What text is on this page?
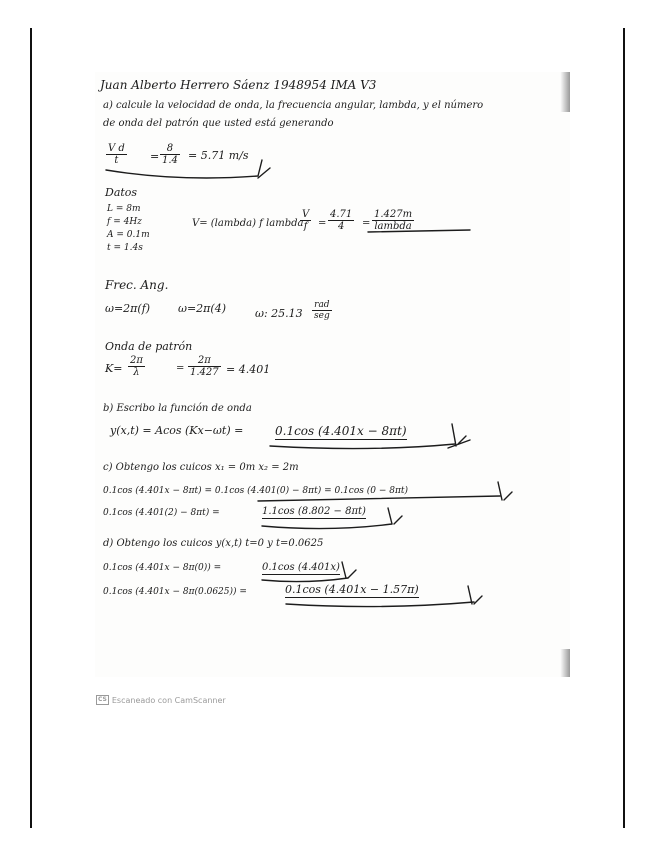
Juan Alberto Herrero Sáenz 1948954 IMA V3
a) calcule la velocidad de onda, la frecuencia angular, lambda, y el número
de onda del patrón que usted está generando
$\frac{\text{V d}}{t} = \frac{8}{1.4} = 5.71$ m/s
Datos
L = 8m
f = 4Hz
A = 0.1m
t = 1.4s
V= (lambda) f lambda
$\frac{V}{f} = \frac{4.71}{4}$ =
1.427m
lambda
Frec. Ang.
ω=2π(f)	ω=2π(4)	ω: 25.13
rad
seg
Onda de patrón
$K= \frac{2\pi}{\lambda}$	= $\frac{2\pi}{1.427} = 4.401$
b) Escribo la función de onda
y(x,t) = Acos (Kx−ωt) =	0.1cos (4.401x − 8πt)
c) Obtengo los cuicos x₁ = 0m x₂ = 2m
0.1cos (4.401x − 8πt) = 0.1cos (4.401(0) − 8πt) = 0.1cos (0 − 8πt)
0.1cos (4.401(2) − 8πt) =	1.1cos (8.802 − 8πt)
d) Obtengo los cuicos y(x,t) t=0 y t=0.0625
0.1cos (4.401x − 8π(0)) =	0.1cos (4.401x)
0.1cos (4.401x − 8π(0.0625)) =	0.1cos (4.401x − 1.57π)
CS Escaneado con CamScanner
